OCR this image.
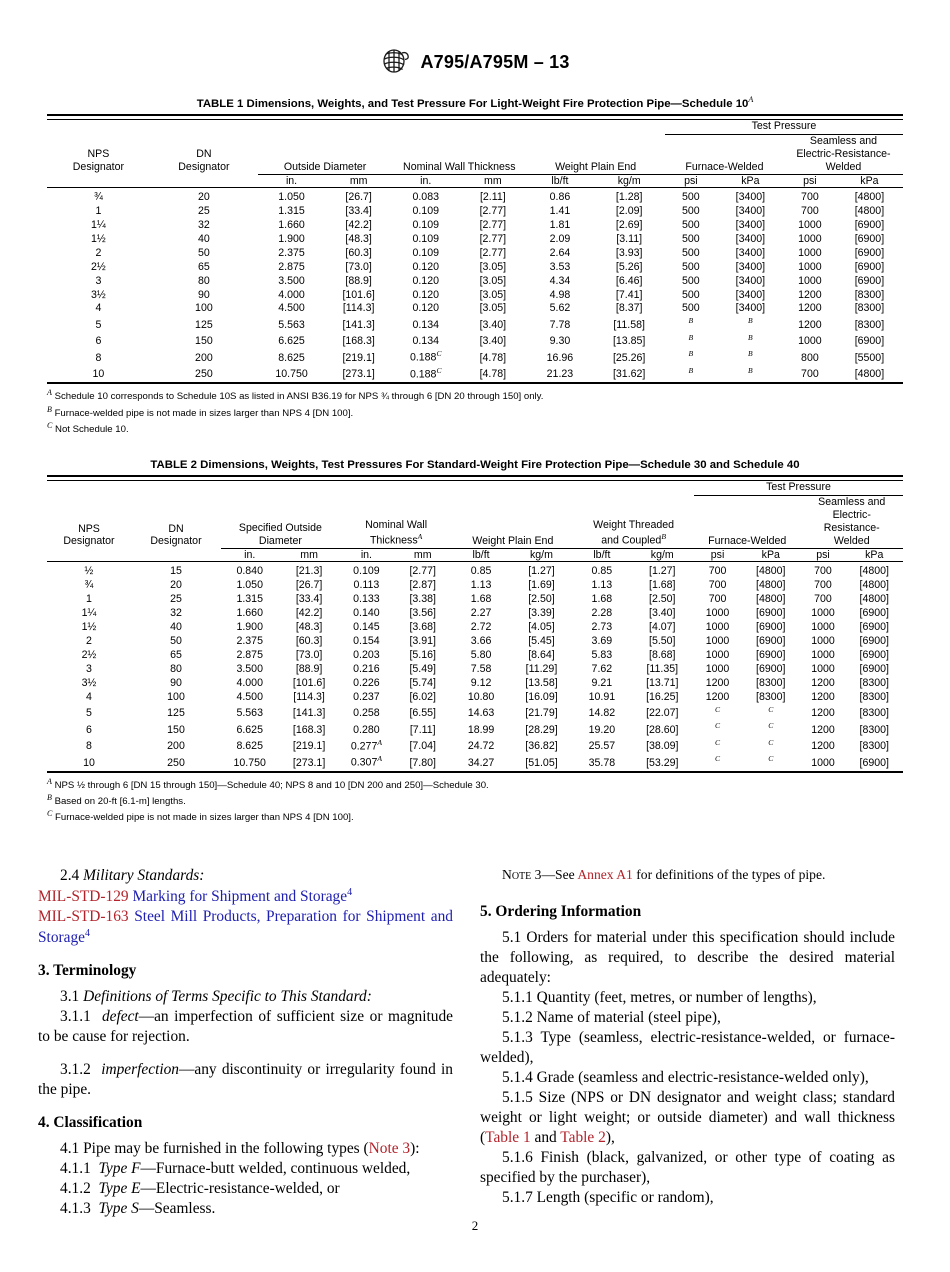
A795/A795M – 13
TABLE 1 Dimensions, Weights, and Test Pressure For Light-Weight Fire Protection Pipe—Schedule $10^A$
								Test Pressure			
NPS
Designator	DN
Designator	Outside Diameter		Nominal Wall Thickness		Weight Plain End		Furnace-Welded		Seamless and
Electric-Resistance-
Welded	
		in.	mm	in.	mm	lb/ft	kg/m	psi	kPa	psi	kPa
¾	20	1.050	[26.7]	0.083	[2.11]	0.86	[1.28]	500	[3400]	700	[4800]
1	25	1.315	[33.4]	0.109	[2.77]	1.41	[2.09]	500	[3400]	700	[4800]
1¼	32	1.660	[42.2]	0.109	[2.77]	1.81	[2.69]	500	[3400]	1000	[6900]
1½	40	1.900	[48.3]	0.109	[2.77]	2.09	[3.11]	500	[3400]	1000	[6900]
2	50	2.375	[60.3]	0.109	[2.77]	2.64	[3.93]	500	[3400]	1000	[6900]
2½	65	2.875	[73.0]	0.120	[3.05]	3.53	[5.26]	500	[3400]	1000	[6900]
3	80	3.500	[88.9]	0.120	[3.05]	4.34	[6.46]	500	[3400]	1000	[6900]
3½	90	4.000	[101.6]	0.120	[3.05]	4.98	[7.41]	500	[3400]	1200	[8300]
4	100	4.500	[114.3]	0.120	[3.05]	5.62	[8.37]	500	[3400]	1200	[8300]
5	125	5.563	[141.3]	0.134	[3.40]	7.78	[11.58]	$^B$	$^B$	1200	[8300]
6	150	6.625	[168.3]	0.134	[3.40]	9.30	[13.85]	$^B$	$^B$	1000	[6900]
8	200	8.625	[219.1]	0.188$^C$	[4.78]	16.96	[25.26]	$^B$	$^B$	800	[5500]
10	250	10.750	[273.1]	0.188$^C$	[4.78]	21.23	[31.62]	$^B$	$^B$	700	[4800]
$^A$ Schedule 10 corresponds to Schedule 10S as listed in ANSI B36.19 for NPS ¾ through 6 [DN 20 through 150] only.
$^B$ Furnace-welded pipe is not made in sizes larger than NPS 4 [DN 100].
$^C$ Not Schedule 10.
TABLE 2 Dimensions, Weights, Test Pressures For Standard-Weight Fire Protection Pipe—Schedule 30 and Schedule 40
										Test Pressure			
NPS
Designator	DN
Designator	Specified Outside
Diameter		Nominal Wall
Thickness$^A$		Weight Plain End		Weight Threaded
and Coupled$^B$		Furnace-Welded		Seamless and
Electric-
Resistance-
Welded	
		in.	mm	in.	mm	lb/ft	kg/m	lb/ft	kg/m	psi	kPa	psi	kPa
½	15	0.840	[21.3]	0.109	[2.77]	0.85	[1.27]	0.85	[1.27]	700	[4800]	700	[4800]
¾	20	1.050	[26.7]	0.113	[2.87]	1.13	[1.69]	1.13	[1.68]	700	[4800]	700	[4800]
1	25	1.315	[33.4]	0.133	[3.38]	1.68	[2.50]	1.68	[2.50]	700	[4800]	700	[4800]
1¼	32	1.660	[42.2]	0.140	[3.56]	2.27	[3.39]	2.28	[3.40]	1000	[6900]	1000	[6900]
1½	40	1.900	[48.3]	0.145	[3.68]	2.72	[4.05]	2.73	[4.07]	1000	[6900]	1000	[6900]
2	50	2.375	[60.3]	0.154	[3.91]	3.66	[5.45]	3.69	[5.50]	1000	[6900]	1000	[6900]
2½	65	2.875	[73.0]	0.203	[5.16]	5.80	[8.64]	5.83	[8.68]	1000	[6900]	1000	[6900]
3	80	3.500	[88.9]	0.216	[5.49]	7.58	[11.29]	7.62	[11.35]	1000	[6900]	1000	[6900]
3½	90	4.000	[101.6]	0.226	[5.74]	9.12	[13.58]	9.21	[13.71]	1200	[8300]	1200	[8300]
4	100	4.500	[114.3]	0.237	[6.02]	10.80	[16.09]	10.91	[16.25]	1200	[8300]	1200	[8300]
5	125	5.563	[141.3]	0.258	[6.55]	14.63	[21.79]	14.82	[22.07]	$^C$	$^C$	1200	[8300]
6	150	6.625	[168.3]	0.280	[7.11]	18.99	[28.29]	19.20	[28.60]	$^C$	$^C$	1200	[8300]
8	200	8.625	[219.1]	0.277$^A$	[7.04]	24.72	[36.82]	25.57	[38.09]	$^C$	$^C$	1200	[8300]
10	250	10.750	[273.1]	0.307$^A$	[7.80]	34.27	[51.05]	35.78	[53.29]	$^C$	$^C$	1000	[6900]
$^A$ NPS ½ through 6 [DN 15 through 150]—Schedule 40; NPS 8 and 10 [DN 200 and 250]—Schedule 30.
$^B$ Based on 20-ft [6.1-m] lengths.
$^C$ Furnace-welded pipe is not made in sizes larger than NPS 4 [DN 100].
2.4 Military Standards:
MIL-STD-129 Marking for Shipment and Storage$^4$
MIL-STD-163 Steel Mill Products, Preparation for Shipment and Storage$^4$
3. Terminology
3.1 Definitions of Terms Specific to This Standard:
3.1.1 defect—an imperfection of sufficient size or magnitude to be cause for rejection.
3.1.2 imperfection—any discontinuity or irregularity found in the pipe.
4. Classification
4.1 Pipe may be furnished in the following types (Note 3):
4.1.1 Type F—Furnace-butt welded, continuous welded,
4.1.2 Type E—Electric-resistance-welded, or
4.1.3 Type S—Seamless.
Note 3—See Annex A1 for definitions of the types of pipe.
5. Ordering Information
5.1 Orders for material under this specification should include the following, as required, to describe the desired material adequately:
5.1.1 Quantity (feet, metres, or number of lengths),
5.1.2 Name of material (steel pipe),
5.1.3 Type (seamless, electric-resistance-welded, or furnace-welded),
5.1.4 Grade (seamless and electric-resistance-welded only),
5.1.5 Size (NPS or DN designator and weight class; standard weight or light weight; or outside diameter) and wall thickness (Table 1 and Table 2),
5.1.6 Finish (black, galvanized, or other type of coating as specified by the purchaser),
5.1.7 Length (specific or random),
2
